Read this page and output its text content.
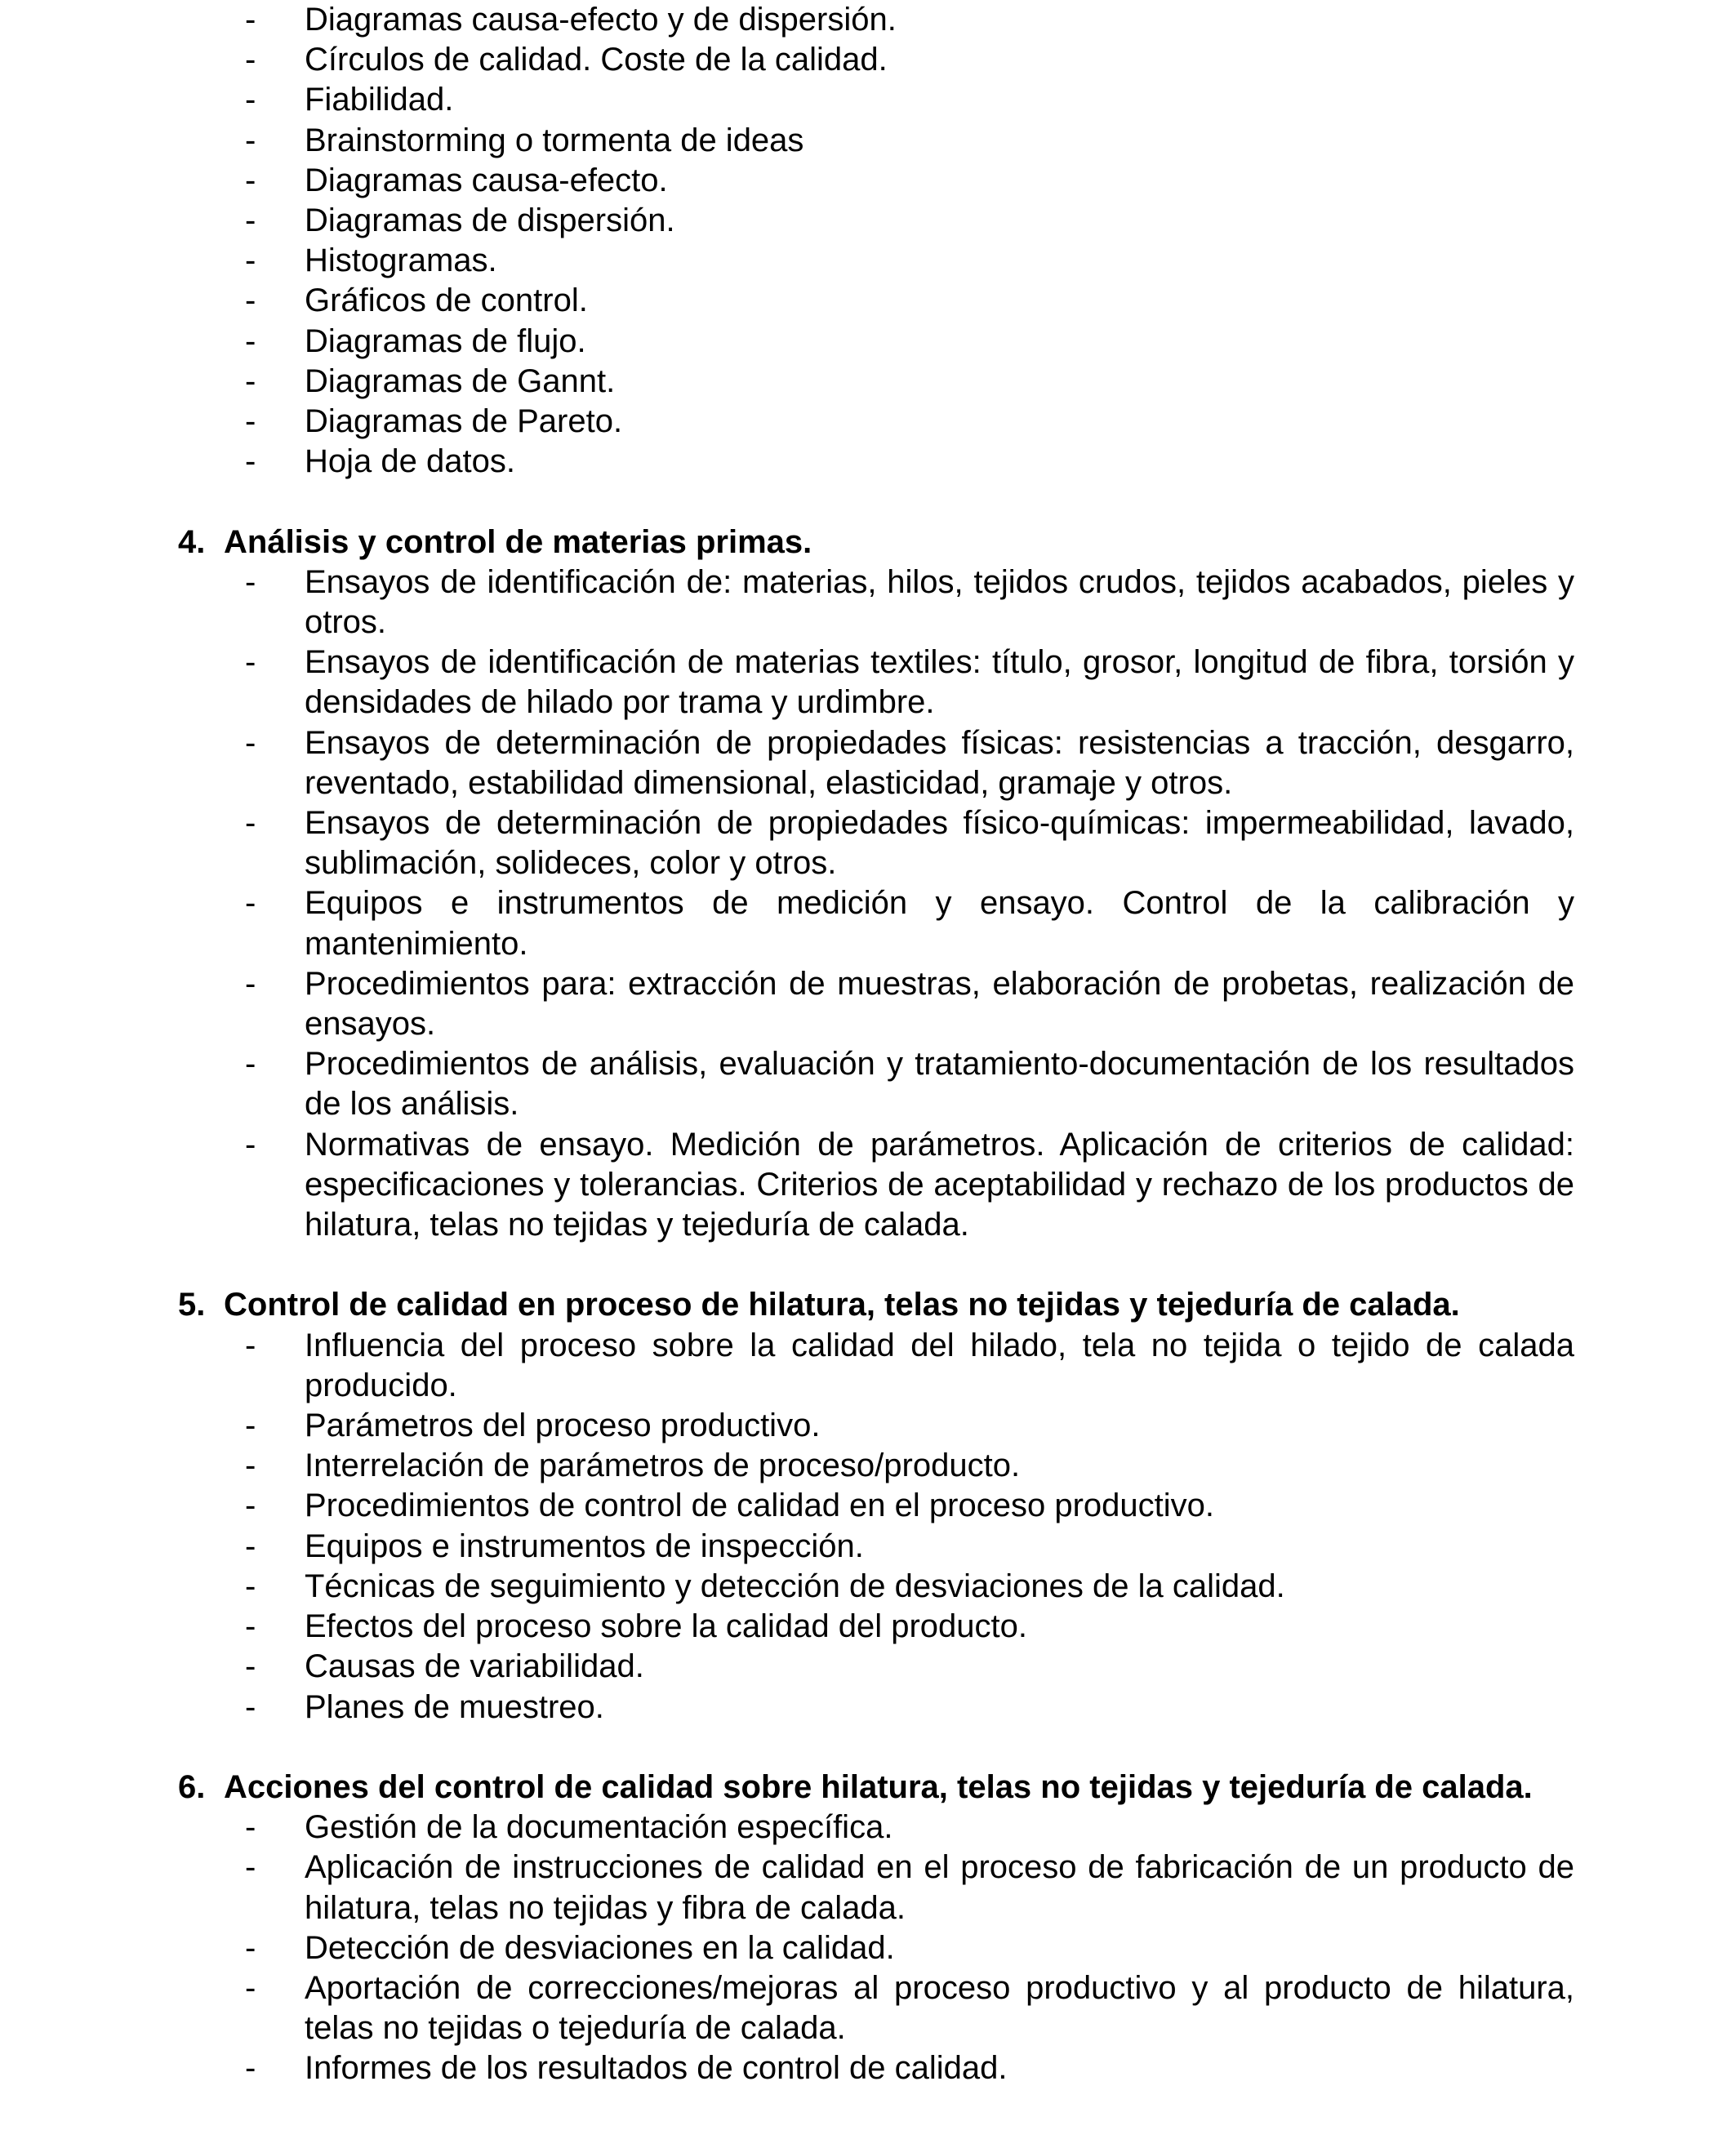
- Diagramas causa-efecto y de dispersión.
- Círculos de calidad. Coste de la calidad.
- Fiabilidad.
- Brainstorming o tormenta de ideas
- Diagramas causa-efecto.
- Diagramas de dispersión.
- Histogramas.
- Gráficos de control.
- Diagramas de flujo.
- Diagramas de Gannt.
- Diagramas de Pareto.
- Hoja de datos.
4. Análisis y control de materias primas.
- Ensayos de identificación de: materias, hilos, tejidos crudos, tejidos acabados, pieles y otros.
- Ensayos de identificación de materias textiles: título, grosor, longitud de fibra, torsión y densidades de hilado por trama y urdimbre.
- Ensayos de determinación de propiedades físicas: resistencias a tracción, desgarro, reventado, estabilidad dimensional, elasticidad, gramaje y otros.
- Ensayos de determinación de propiedades físico-químicas: impermeabilidad, lavado, sublimación, solideces, color y otros.
- Equipos e instrumentos de medición y ensayo. Control de la calibración y mantenimiento.
- Procedimientos para: extracción de muestras, elaboración de probetas, realización de ensayos.
- Procedimientos de análisis, evaluación y tratamiento-documentación de los resultados de los análisis.
- Normativas de ensayo. Medición de parámetros. Aplicación de criterios de calidad: especificaciones y tolerancias. Criterios de aceptabilidad y rechazo de los productos de hilatura, telas no tejidas y tejeduría de calada.
5. Control de calidad en proceso de hilatura, telas no tejidas y tejeduría de calada.
- Influencia del proceso sobre la calidad del hilado, tela no tejida o tejido de calada producido.
- Parámetros del proceso productivo.
- Interrelación de parámetros de proceso/producto.
- Procedimientos de control de calidad en el proceso productivo.
- Equipos e instrumentos de inspección.
- Técnicas de seguimiento y detección de desviaciones de la calidad.
- Efectos del proceso sobre la calidad del producto.
- Causas de variabilidad.
- Planes de muestreo.
6. Acciones del control de calidad sobre hilatura, telas no tejidas y tejeduría de calada.
- Gestión de la documentación específica.
- Aplicación de instrucciones de calidad en el proceso de fabricación de un producto de hilatura, telas no tejidas y fibra de calada.
- Detección de desviaciones en la calidad.
- Aportación de correcciones/mejoras al proceso productivo y al producto de hilatura, telas no tejidas o tejeduría de calada.
- Informes de los resultados de control de calidad.
